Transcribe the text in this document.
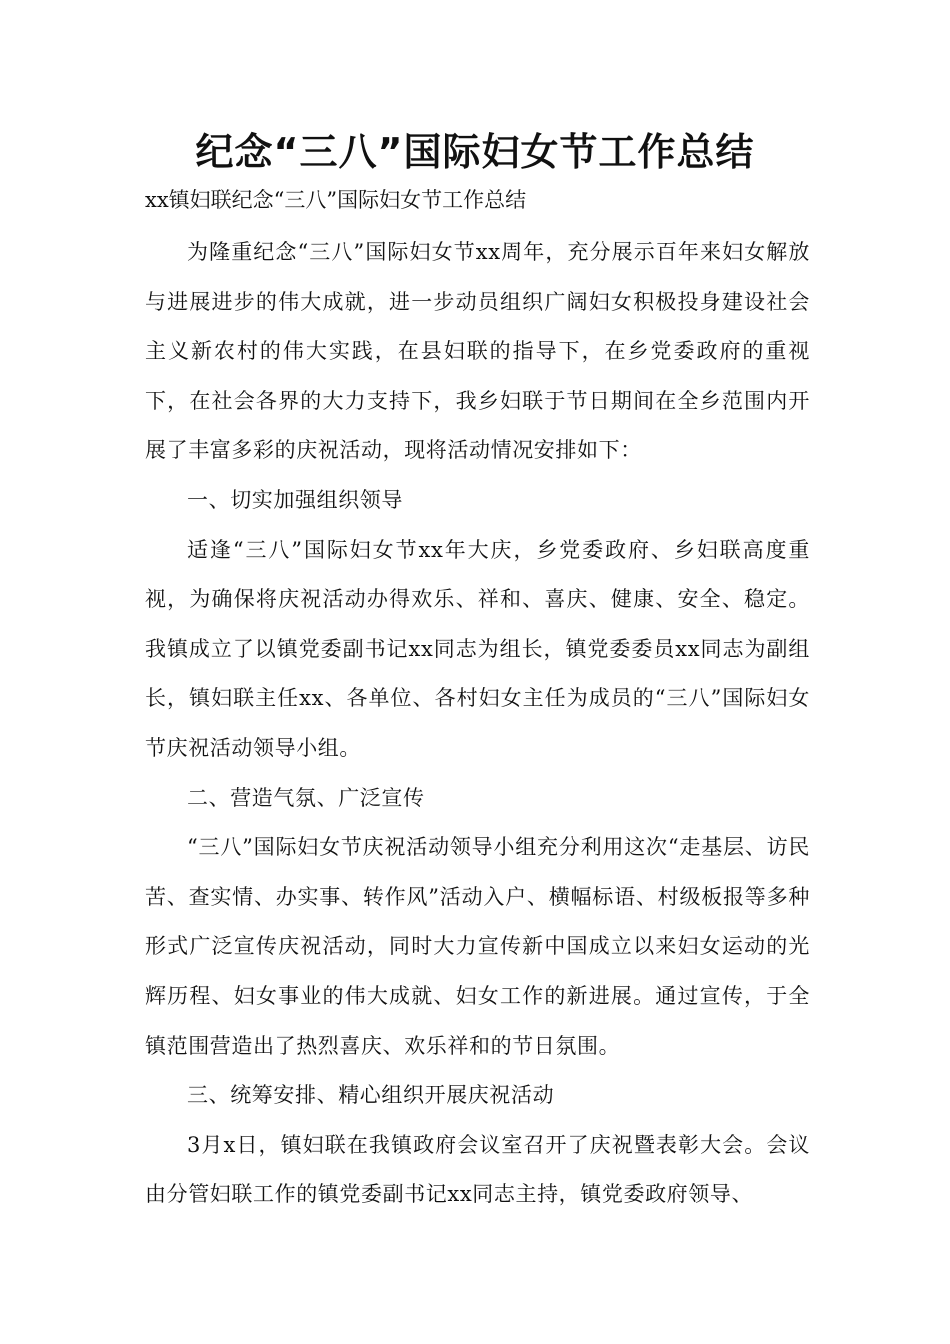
纪念“三八”国际妇女节工作总结
xx镇妇联纪念“三八”国际妇女节工作总结

为隆重纪念“三八”国际妇女节xx周年，充分展示百年来妇女解放与进展进步的伟大成就，进一步动员组织广阔妇女积极投身建设社会主义新农村的伟大实践，在县妇联的指导下，在乡党委政府的重视下，在社会各界的大力支持下，我乡妇联于节日期间在全乡范围内开展了丰富多彩的庆祝活动，现将活动情况安排如下：

一、切实加强组织领导

适逢“三八”国际妇女节xx年大庆，乡党委政府、乡妇联高度重视，为确保将庆祝活动办得欢乐、祥和、喜庆、健康、安全、稳定。我镇成立了以镇党委副书记xx同志为组长，镇党委委员xx同志为副组长，镇妇联主任xx、各单位、各村妇女主任为成员的“三八”国际妇女节庆祝活动领导小组。

二、营造气氛、广泛宣传

“三八”国际妇女节庆祝活动领导小组充分利用这次“走基层、访民苦、查实情、办实事、转作风”活动入户、横幅标语、村级板报等多种形式广泛宣传庆祝活动，同时大力宣传新中国成立以来妇女运动的光辉历程、妇女事业的伟大成就、妇女工作的新进展。通过宣传，于全镇范围营造出了热烈喜庆、欢乐祥和的节日氛围。

三、统筹安排、精心组织开展庆祝活动

3月x日，镇妇联在我镇政府会议室召开了庆祝暨表彰大会。会议由分管妇联工作的镇党委副书记xx同志主持，镇党委政府领导、
